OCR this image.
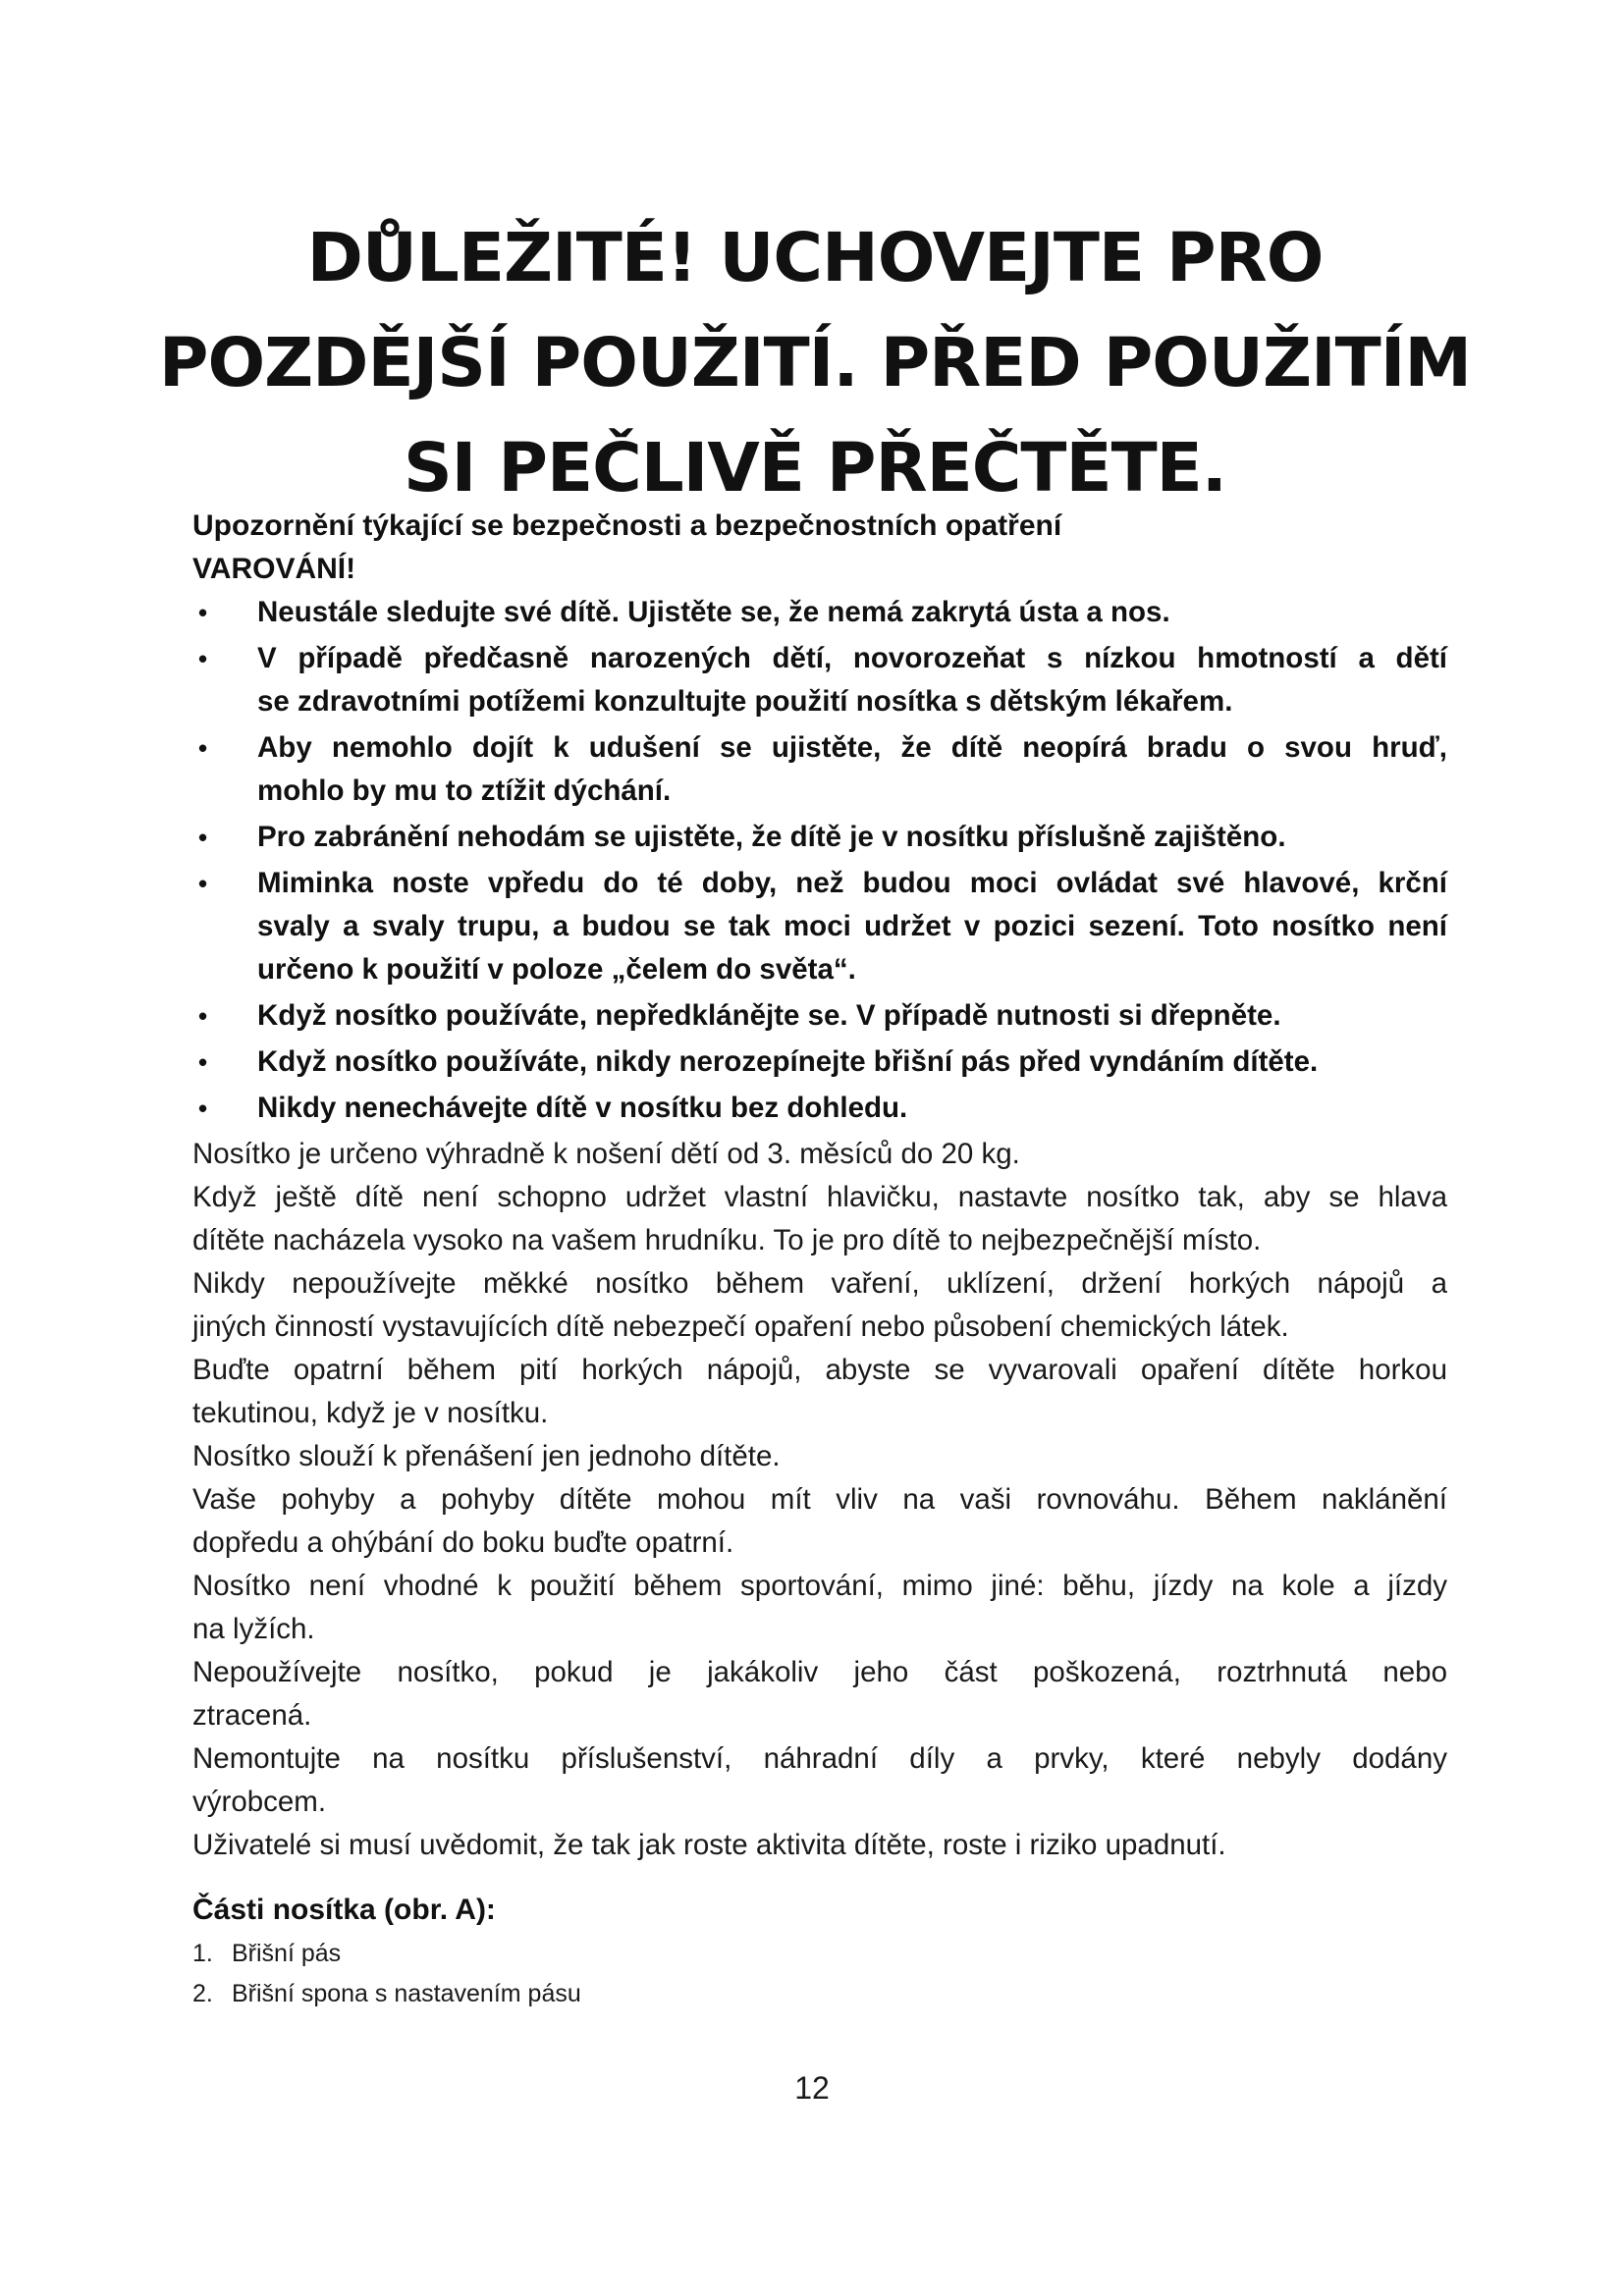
DŮLEŽITÉ! UCHOVEJTE PRO
POZDĚJŠÍ POUŽITÍ. PŘED POUŽITÍM
SI PEČLIVĚ PŘEČTĚTE.
Upozornění týkající se bezpečnosti a bezpečnostních opatření
VAROVÁNÍ!
• Neustále sledujte své dítě. Ujistěte se, že nemá zakrytá ústa a nos.
• V případě předčasně narozených dětí, novorozeňat s nízkou hmotností a dětí
se zdravotními potížemi konzultujte použití nosítka s dětským lékařem.
• Aby nemohlo dojít k udušení se ujistěte, že dítě neopírá bradu o svou hruď,
mohlo by mu to ztížit dýchání.
• Pro zabránění nehodám se ujistěte, že dítě je v nosítku příslušně zajištěno.
• Miminka noste vpředu do té doby, než budou moci ovládat své hlavové, krční
svaly a svaly trupu, a budou se tak moci udržet v pozici sezení. Toto nosítko není
určeno k použití v poloze „čelem do světa“.
• Když nosítko používáte, nepředklánějte se. V případě nutnosti si dřepněte.
• Když nosítko používáte, nikdy nerozepínejte břišní pás před vyndáním dítěte.
• Nikdy nenechávejte dítě v nosítku bez dohledu.
Nosítko je určeno výhradně k nošení dětí od 3. měsíců do 20 kg.
Když ještě dítě není schopno udržet vlastní hlavičku, nastavte nosítko tak, aby se hlava
dítěte nacházela vysoko na vašem hrudníku. To je pro dítě to nejbezpečnější místo.
Nikdy nepoužívejte měkké nosítko během vaření, uklízení, držení horkých nápojů a
jiných činností vystavujících dítě nebezpečí opaření nebo působení chemických látek.
Buďte opatrní během pití horkých nápojů, abyste se vyvarovali opaření dítěte horkou
tekutinou, když je v nosítku.
Nosítko slouží k přenášení jen jednoho dítěte.
Vaše pohyby a pohyby dítěte mohou mít vliv na vaši rovnováhu. Během naklánění
dopředu a ohýbání do boku buďte opatrní.
Nosítko není vhodné k použití během sportování, mimo jiné: běhu, jízdy na kole a jízdy
na lyžích.
Nepoužívejte nosítko, pokud je jakákoliv jeho část poškozená, roztrhnutá nebo
ztracená.
Nemontujte na nosítku příslušenství, náhradní díly a prvky, které nebyly dodány
výrobcem.
Uživatelé si musí uvědomit, že tak jak roste aktivita dítěte, roste i riziko upadnutí.
Části nosítka (obr. A):
1. Břišní pás
2. Břišní spona s nastavením pásu
12
